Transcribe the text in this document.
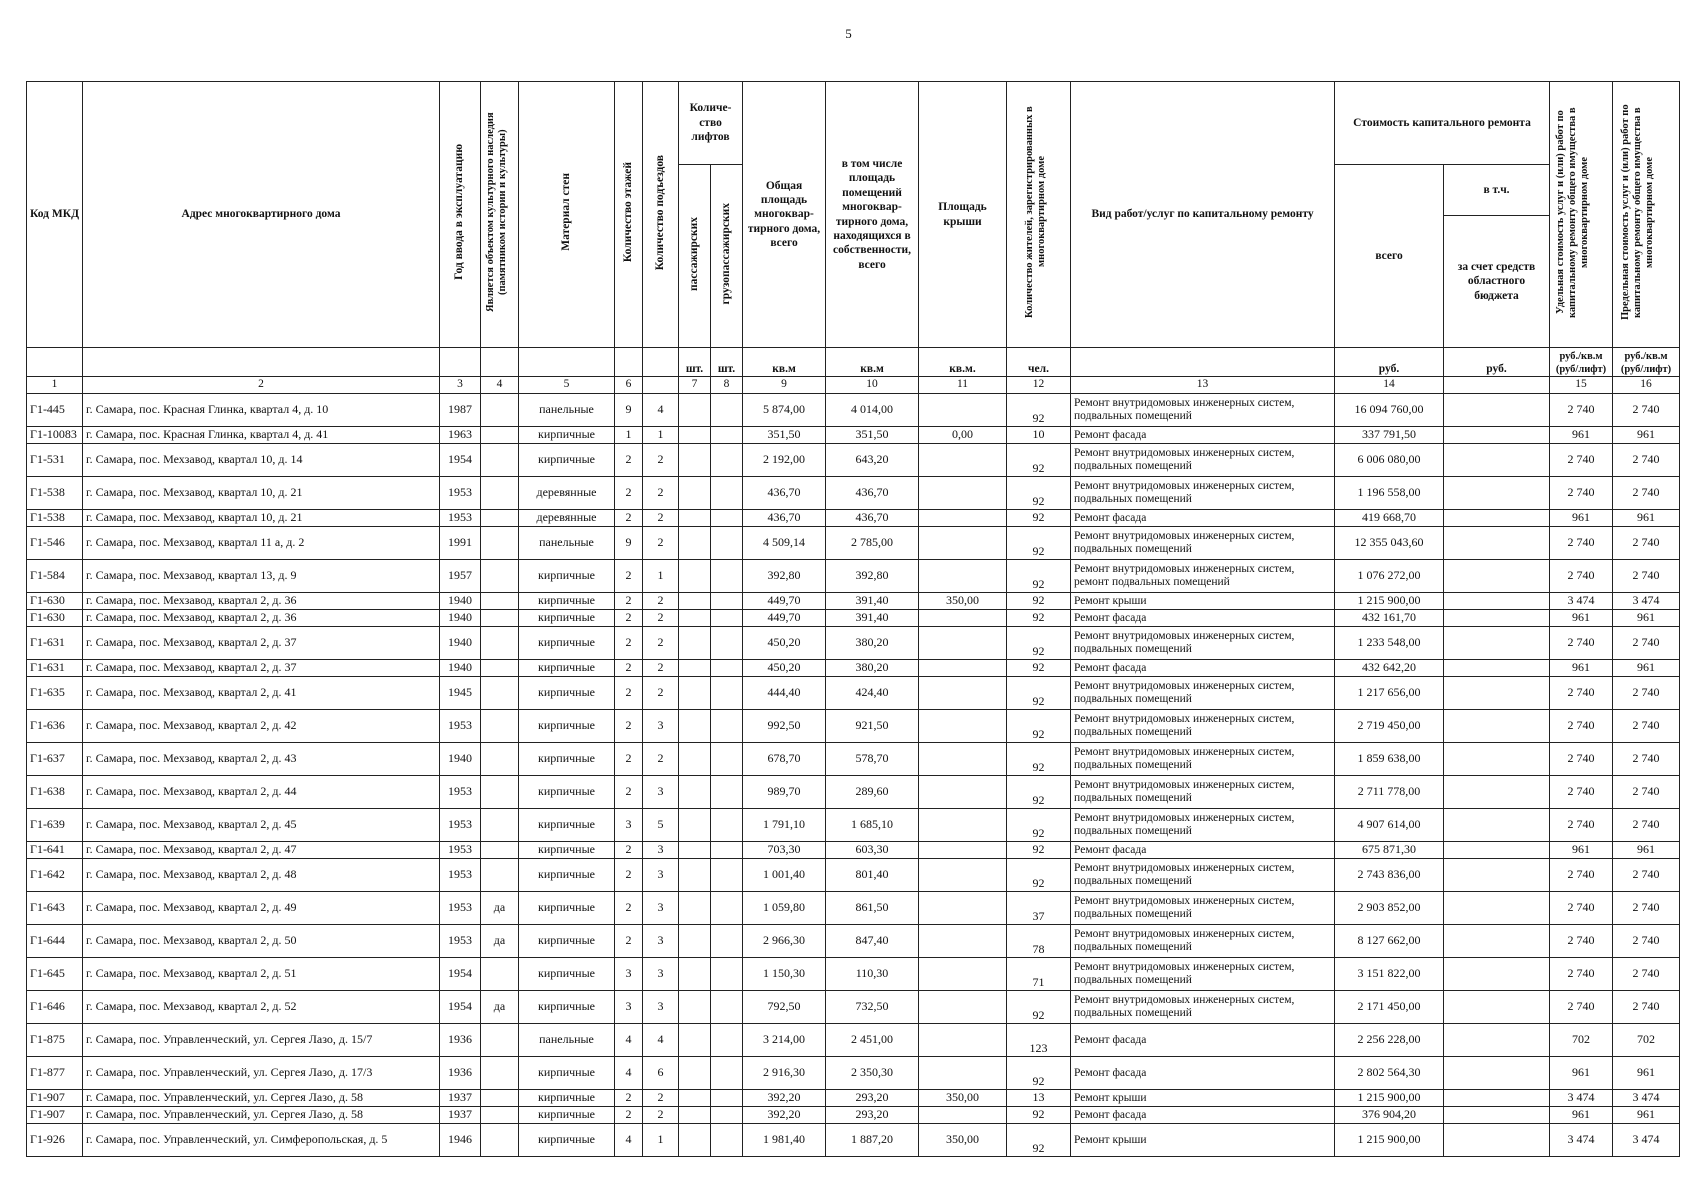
5
Код МКД	Адрес многоквартирного дома	Год ввода в эксплуатацию	Является объектом культурного наследия (памятником истории и культуры)	Материал стен	Количество этажей	Количество подъездов	Количе-ство лифтов		Общая площадь многоквар-тирного дома, всего	в том числе площадь помещений многоквар-тирного дома, находящихся в собственности, всего	Площадь крыши	Количество жителей, зарегистрированных в многоквартирном доме	Вид работ/услуг по капитальному ремонту	Стоимость капитального ремонта		Удельная стоимость услуг и (или) работ по капитальному ремонту общего имущества в многоквартирном доме	Предельная стоимость услуг и (или) работ по капитальному ремонту общего имущества в многоквартирном доме
							пассажирских	грузопассажирских						всего	в т.ч.		
															за счет средств областного бюджета		
							шт.	шт.	кв.м	кв.м	кв.м.	чел.		руб.	руб.	руб./кв.м (руб/лифт)	руб./кв.м (руб/лифт)
1	2	3	4	5	6		7	8	9	10	11	12	13	14		15	16
Г1-445	г. Самара, пос. Красная Глинка, квартал 4, д. 10	1987		панельные	9	4			5 874,00	4 014,00		92	Ремонт внутридомовых инженерных систем, подвальных помещений	16 094 760,00		2 740	2 740
Г1-10083	г. Самара, пос. Красная Глинка, квартал 4, д. 41	1963		кирпичные	1	1			351,50	351,50	0,00	10	Ремонт фасада	337 791,50		961	961
Г1-531	г. Самара, пос. Мехзавод, квартал 10, д. 14	1954		кирпичные	2	2			2 192,00	643,20		92	Ремонт внутридомовых инженерных систем, подвальных помещений	6 006 080,00		2 740	2 740
Г1-538	г. Самара, пос. Мехзавод, квартал 10, д. 21	1953		деревянные	2	2			436,70	436,70		92	Ремонт внутридомовых инженерных систем, подвальных помещений	1 196 558,00		2 740	2 740
Г1-538	г. Самара, пос. Мехзавод, квартал 10, д. 21	1953		деревянные	2	2			436,70	436,70		92	Ремонт фасада	419 668,70		961	961
Г1-546	г. Самара, пос. Мехзавод, квартал 11 а, д. 2	1991		панельные	9	2			4 509,14	2 785,00		92	Ремонт внутридомовых инженерных систем, подвальных помещений	12 355 043,60		2 740	2 740
Г1-584	г. Самара, пос. Мехзавод, квартал 13, д. 9	1957		кирпичные	2	1			392,80	392,80		92	Ремонт внутридомовых инженерных систем, ремонт подвальных помещений	1 076 272,00		2 740	2 740
Г1-630	г. Самара, пос. Мехзавод, квартал 2, д. 36	1940		кирпичные	2	2			449,70	391,40	350,00	92	Ремонт крыши	1 215 900,00		3 474	3 474
Г1-630	г. Самара, пос. Мехзавод, квартал 2, д. 36	1940		кирпичные	2	2			449,70	391,40		92	Ремонт фасада	432 161,70		961	961
Г1-631	г. Самара, пос. Мехзавод, квартал 2, д. 37	1940		кирпичные	2	2			450,20	380,20		92	Ремонт внутридомовых инженерных систем, подвальных помещений	1 233 548,00		2 740	2 740
Г1-631	г. Самара, пос. Мехзавод, квартал 2, д. 37	1940		кирпичные	2	2			450,20	380,20		92	Ремонт фасада	432 642,20		961	961
Г1-635	г. Самара, пос. Мехзавод, квартал 2, д. 41	1945		кирпичные	2	2			444,40	424,40		92	Ремонт внутридомовых инженерных систем, подвальных помещений	1 217 656,00		2 740	2 740
Г1-636	г. Самара, пос. Мехзавод, квартал 2, д. 42	1953		кирпичные	2	3			992,50	921,50		92	Ремонт внутридомовых инженерных систем, подвальных помещений	2 719 450,00		2 740	2 740
Г1-637	г. Самара, пос. Мехзавод, квартал 2, д. 43	1940		кирпичные	2	2			678,70	578,70		92	Ремонт внутридомовых инженерных систем, подвальных помещений	1 859 638,00		2 740	2 740
Г1-638	г. Самара, пос. Мехзавод, квартал 2, д. 44	1953		кирпичные	2	3			989,70	289,60		92	Ремонт внутридомовых инженерных систем, подвальных помещений	2 711 778,00		2 740	2 740
Г1-639	г. Самара, пос. Мехзавод, квартал 2, д. 45	1953		кирпичные	3	5			1 791,10	1 685,10		92	Ремонт внутридомовых инженерных систем, подвальных помещений	4 907 614,00		2 740	2 740
Г1-641	г. Самара, пос. Мехзавод, квартал 2, д. 47	1953		кирпичные	2	3			703,30	603,30		92	Ремонт фасада	675 871,30		961	961
Г1-642	г. Самара, пос. Мехзавод, квартал 2, д. 48	1953		кирпичные	2	3			1 001,40	801,40		92	Ремонт внутридомовых инженерных систем, подвальных помещений	2 743 836,00		2 740	2 740
Г1-643	г. Самара, пос. Мехзавод, квартал 2, д. 49	1953	да	кирпичные	2	3			1 059,80	861,50		37	Ремонт внутридомовых инженерных систем, подвальных помещений	2 903 852,00		2 740	2 740
Г1-644	г. Самара, пос. Мехзавод, квартал 2, д. 50	1953	да	кирпичные	2	3			2 966,30	847,40		78	Ремонт внутридомовых инженерных систем, подвальных помещений	8 127 662,00		2 740	2 740
Г1-645	г. Самара, пос. Мехзавод, квартал 2, д. 51	1954		кирпичные	3	3			1 150,30	110,30		71	Ремонт внутридомовых инженерных систем, подвальных помещений	3 151 822,00		2 740	2 740
Г1-646	г. Самара, пос. Мехзавод, квартал 2, д. 52	1954	да	кирпичные	3	3			792,50	732,50		92	Ремонт внутридомовых инженерных систем, подвальных помещений	2 171 450,00		2 740	2 740
Г1-875	г. Самара, пос. Управленческий, ул. Сергея Лазо, д. 15/7	1936		панельные	4	4			3 214,00	2 451,00		123	Ремонт фасада	2 256 228,00		702	702
Г1-877	г. Самара, пос. Управленческий, ул. Сергея Лазо, д. 17/3	1936		кирпичные	4	6			2 916,30	2 350,30		92	Ремонт фасада	2 802 564,30		961	961
Г1-907	г. Самара, пос. Управленческий, ул. Сергея Лазо, д. 58	1937		кирпичные	2	2			392,20	293,20	350,00	13	Ремонт крыши	1 215 900,00		3 474	3 474
Г1-907	г. Самара, пос. Управленческий, ул. Сергея Лазо, д. 58	1937		кирпичные	2	2			392,20	293,20		92	Ремонт фасада	376 904,20		961	961
Г1-926	г. Самара, пос. Управленческий, ул. Симферопольская, д. 5	1946		кирпичные	4	1			1 981,40	1 887,20	350,00	92	Ремонт крыши	1 215 900,00		3 474	3 474
